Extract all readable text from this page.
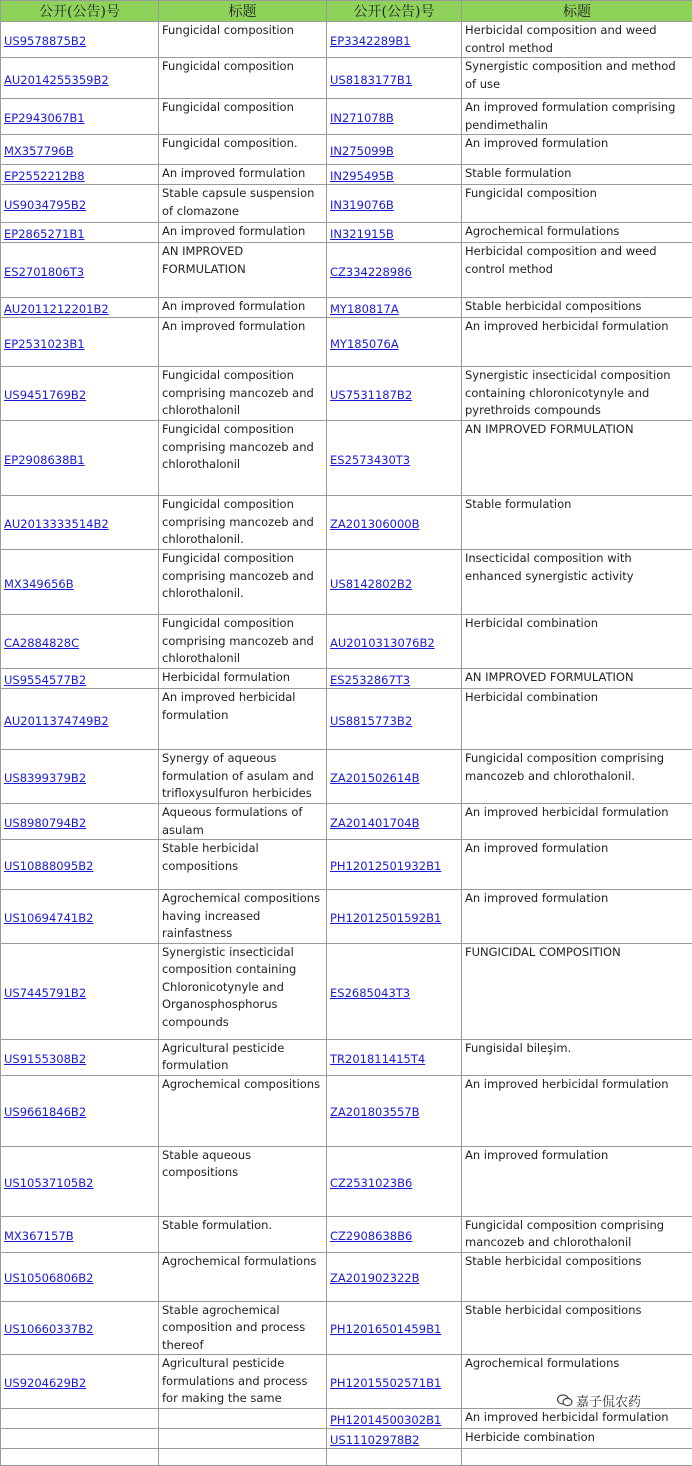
公开(公告)号	标题	公开(公告)号	标题
US9578875B2	Fungicidal composition	EP3342289B1	Herbicidal composition and weed control method
AU2014255359B2	Fungicidal composition	US8183177B1	Synergistic composition and method of use
EP2943067B1	Fungicidal composition	IN271078B	An improved formulation comprising pendimethalin
MX357796B	Fungicidal composition.	IN275099B	An improved formulation
EP2552212B8	An improved formulation	IN295495B	Stable formulation
US9034795B2	Stable capsule suspension of clomazone	IN319076B	Fungicidal composition
EP2865271B1	An improved formulation	IN321915B	Agrochemical formulations
ES2701806T3	AN IMPROVED FORMULATION	CZ334228986	Herbicidal composition and weed control method
AU2011212201B2	An improved formulation	MY180817A	Stable herbicidal compositions
EP2531023B1	An improved formulation	MY185076A	An improved herbicidal formulation
US9451769B2	Fungicidal composition comprising mancozeb and chlorothalonil	US7531187B2	Synergistic insecticidal composition containing chloronicotynyle and pyrethroids compounds
EP2908638B1	Fungicidal composition comprising mancozeb and chlorothalonil	ES2573430T3	AN IMPROVED FORMULATION
AU2013333514B2	Fungicidal composition comprising mancozeb and chlorothalonil.	ZA201306000B	Stable formulation
MX349656B	Fungicidal composition comprising mancozeb and chlorothalonil.	US8142802B2	Insecticidal composition with enhanced synergistic activity
CA2884828C	Fungicidal composition comprising mancozeb and chlorothalonil	AU2010313076B2	Herbicidal combination
US9554577B2	Herbicidal formulation	ES2532867T3	AN IMPROVED FORMULATION
AU2011374749B2	An improved herbicidal formulation	US8815773B2	Herbicidal combination
US8399379B2	Synergy of aqueous formulation of asulam and trifloxysulfuron herbicides	ZA201502614B	Fungicidal composition comprising mancozeb and chlorothalonil.
US8980794B2	Aqueous formulations of asulam	ZA201401704B	An improved herbicidal formulation
US10888095B2	Stable herbicidal compositions	PH12012501932B1	An improved formulation
US10694741B2	Agrochemical compositions having increased rainfastness	PH12012501592B1	An improved formulation
US7445791B2	Synergistic insecticidal composition containing Chloronicotynyle and Organosphosphorus compounds	ES2685043T3	FUNGICIDAL COMPOSITION
US9155308B2	Agricultural pesticide formulation	TR201811415T4	Fungisidal bileşim.
US9661846B2	Agrochemical compositions	ZA201803557B	An improved herbicidal formulation
US10537105B2	Stable aqueous compositions	CZ2531023B6	An improved formulation
MX367157B	Stable formulation.	CZ2908638B6	Fungicidal composition comprising mancozeb and chlorothalonil
US10506806B2	Agrochemical formulations	ZA201902322B	Stable herbicidal compositions
US10660337B2	Stable agrochemical composition and process thereof	PH12016501459B1	Stable herbicidal compositions
US9204629B2	Agricultural pesticide formulations and process for making the same	PH12015502571B1	Agrochemical formulations
		PH12014500302B1	An improved herbicidal formulation
		US11102978B2	Herbicide combination

嘉子侃农药
